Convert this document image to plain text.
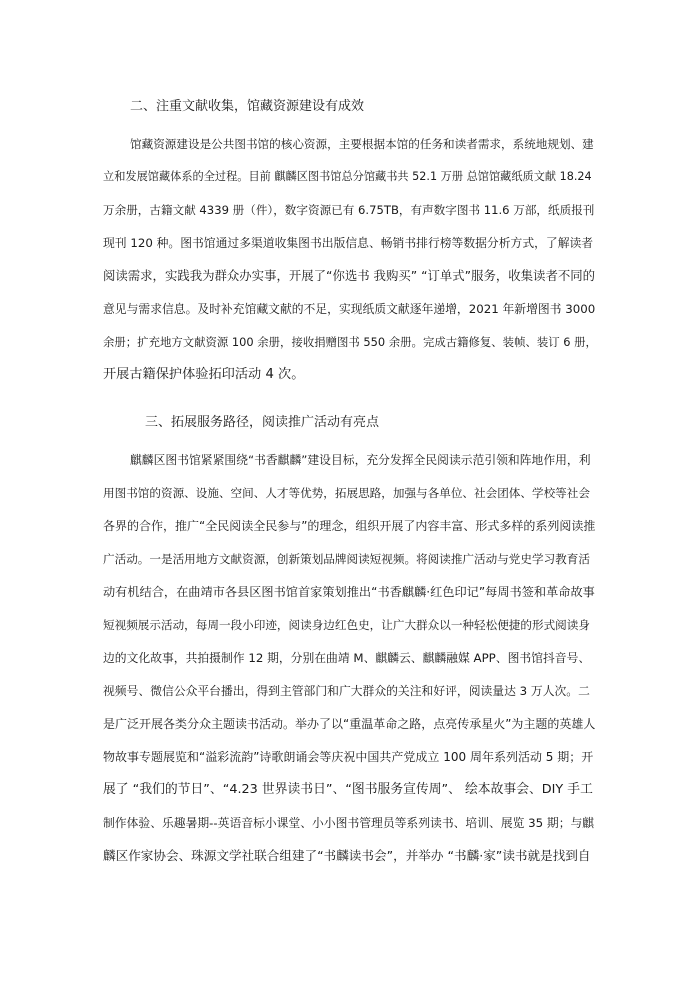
二、注重文献收集，馆藏资源建设有成效

馆藏资源建设是公共图书馆的核心资源，主要根据本馆的任务和读者需求，系统地规划、建

立和发展馆藏体系的全过程。目前 麒麟区图书馆总分馆藏书共 52.1 万册 总馆馆藏纸质文献 18.24

万余册，古籍文献 4339 册（件），数字资源已有 6.75TB，有声数字图书 11.6 万部，纸质报刊

现刊 120 种。图书馆通过多渠道收集图书出版信息、畅销书排行榜等数据分析方式，了解读者

阅读需求，实践我为群众办实事，开展了“你选书 我购买” “订单式”服务，收集读者不同的

意见与需求信息。及时补充馆藏文献的不足，实现纸质文献逐年递增，2021 年新增图书 3000

余册；扩充地方文献资源 100 余册，接收捐赠图书 550 余册。完成古籍修复、装帧、装订 6 册，

开展古籍保护体验拓印活动 4 次。

三、拓展服务路径，阅读推广活动有亮点

麒麟区图书馆紧紧围绕“书香麒麟”建设目标，充分发挥全民阅读示范引领和阵地作用，利

用图书馆的资源、设施、空间、人才等优势，拓展思路，加强与各单位、社会团体、学校等社会

各界的合作，推广“全民阅读全民参与”的理念，组织开展了内容丰富、形式多样的系列阅读推

广活动。一是活用地方文献资源，创新策划品牌阅读短视频。将阅读推广活动与党史学习教育活

动有机结合，在曲靖市各县区图书馆首家策划推出“书香麒麟·红色印记”每周书签和革命故事

短视频展示活动，每周一段小印迹，阅读身边红色史，让广大群众以一种轻松便捷的形式阅读身

边的文化故事，共拍摄制作 12 期，分别在曲靖 M、麒麟云、麒麟融媒 APP、图书馆抖音号、

视频号、微信公众平台播出，得到主管部门和广大群众的关注和好评，阅读量达 3 万人次。二

是广泛开展各类分众主题读书活动。举办了以“重温革命之路，点亮传承星火”为主题的英雄人

物故事专题展览和“溢彩流韵”诗歌朗诵会等庆祝中国共产党成立 100 周年系列活动 5 期；开

展了 “我们的节日”、“4.23 世界读书日”、“图书服务宣传周”、 绘本故事会、DIY 手工

制作体验、乐趣暑期--英语音标小课堂、小小图书管理员等系列读书、培训、展览 35 期；与麒

麟区作家协会、珠源文学社联合组建了“书麟读书会”，并举办 “书麟·家”读书就是找到自
